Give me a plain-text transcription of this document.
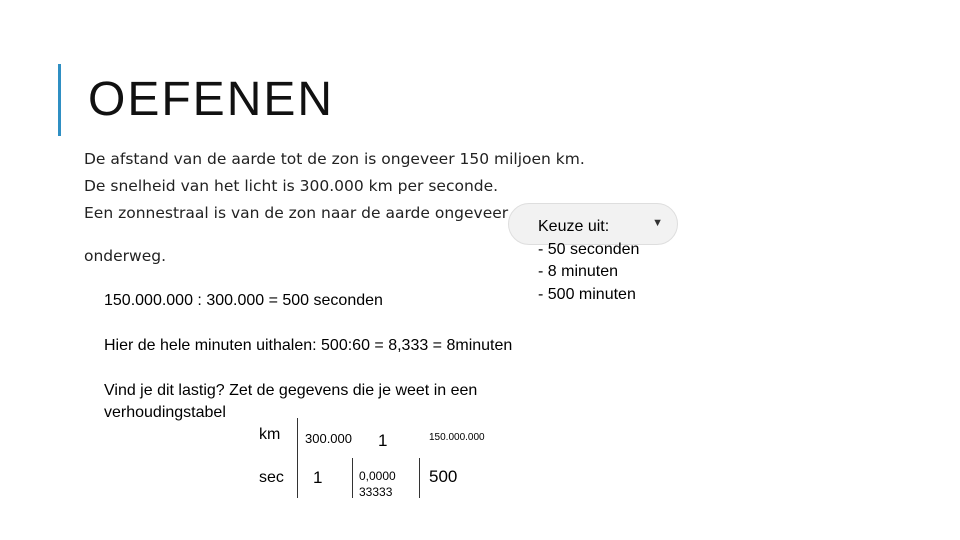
OEFENEN
De afstand van de aarde tot de zon is ongeveer 150 miljoen km.
De snelheid van het licht is 300.000 km per seconde.
Een zonnestraal is van de zon naar de aarde ongeveer
onderweg.
▼
Keuze uit:
- 50 seconden
- 8 minuten
- 500 minuten
150.000.000 : 300.000 = 500 seconden
Hier de hele minuten uithalen: 500:60 = 8,333 = 8minuten
Vind je dit lastig? Zet de gegevens die je weet in een
verhoudingstabel
km 300.000 1	150.000.000
sec 1	0,0000
33333
500
